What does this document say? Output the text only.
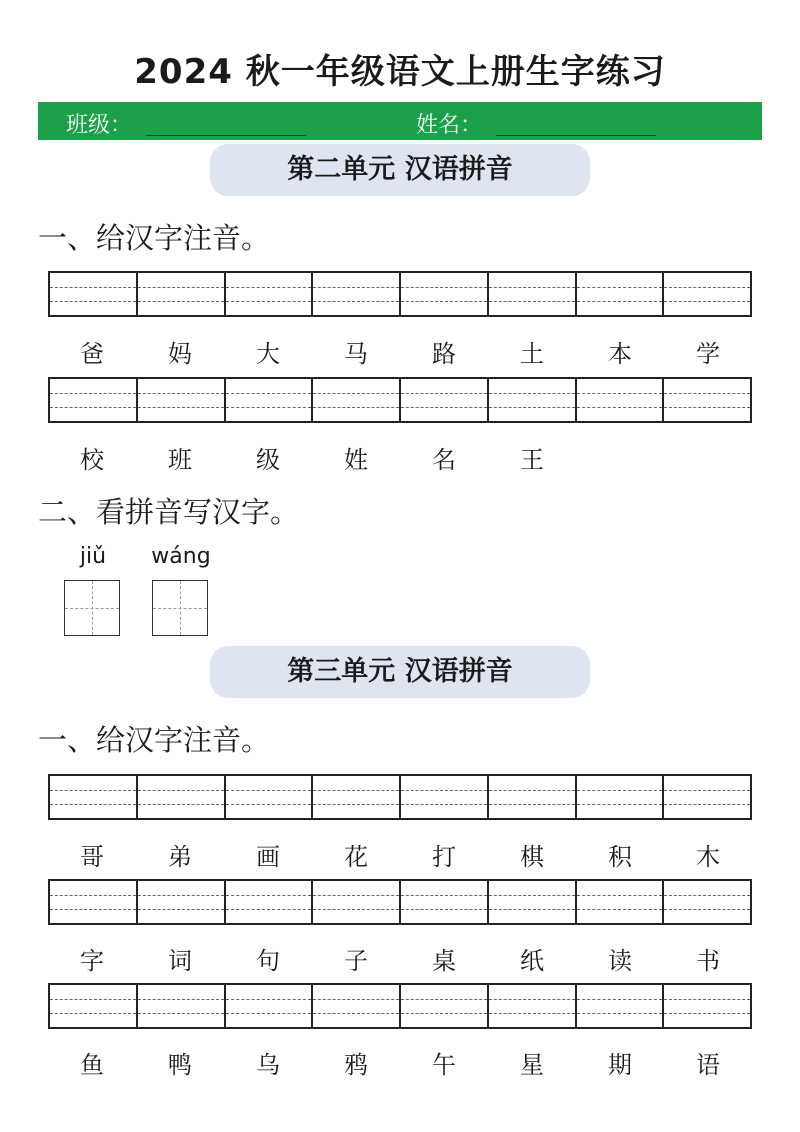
2024 秋一年级语文上册生字练习
班级：	姓名：
第二单元 汉语拼音
一、给汉字注音。
爸	妈	大	马	路	土	本	学
校	班	级	姓	名	王
二、看拼音写汉字。
jiǔ	wáng
第三单元 汉语拼音
一、给汉字注音。
哥	弟	画	花	打	棋	积	木
字	词	句	子	桌	纸	读	书
鱼	鸭	乌	鸦	午	星	期	语
